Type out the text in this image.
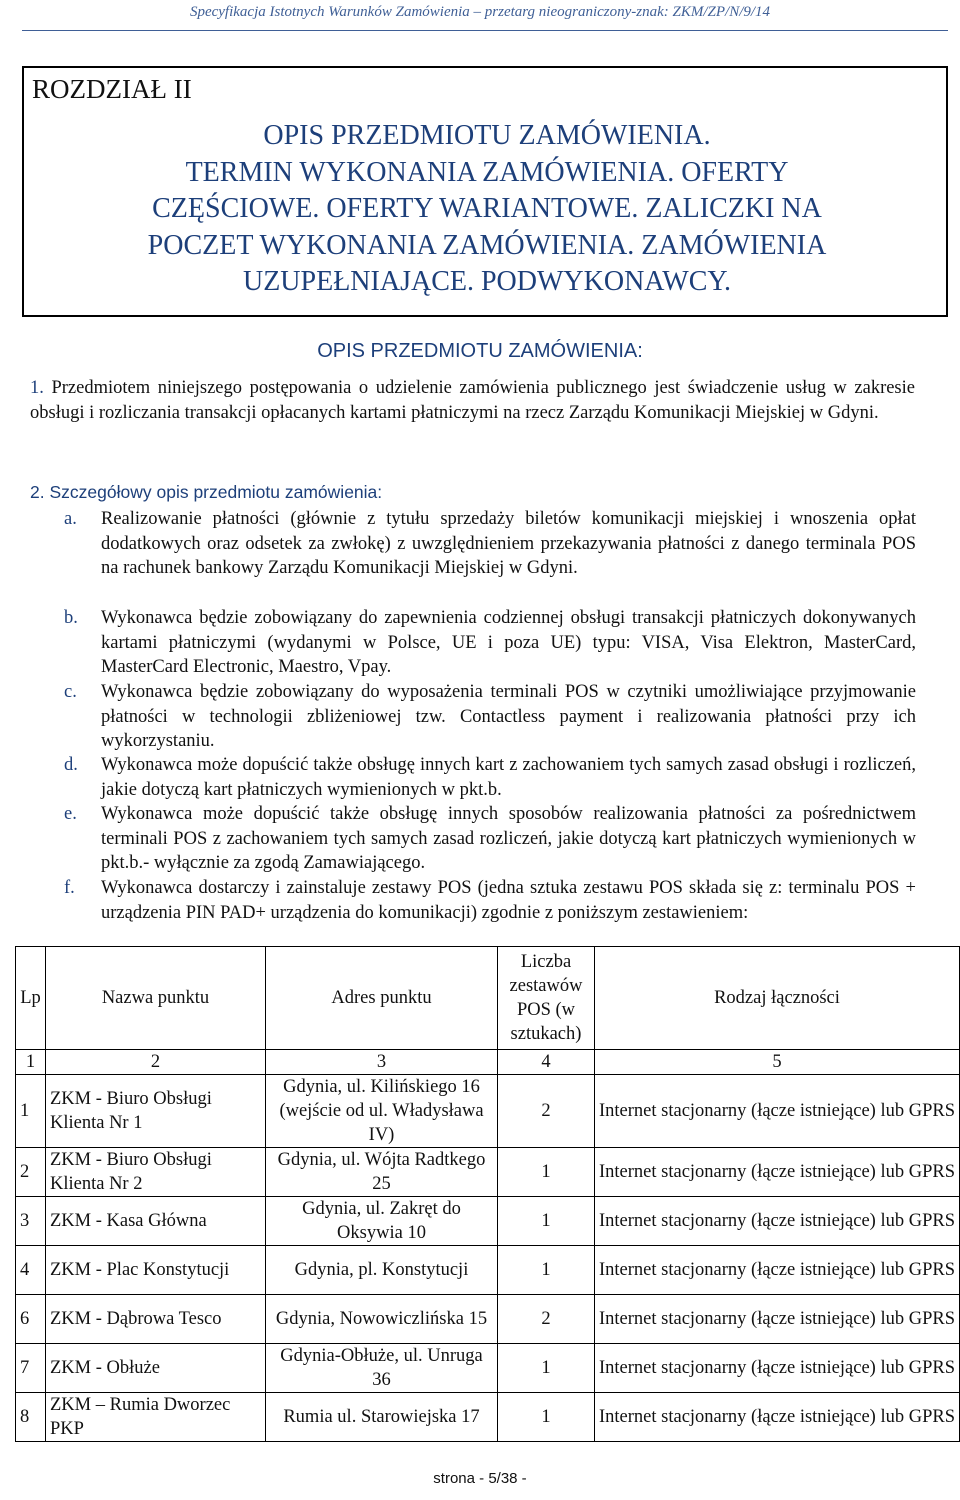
Specyfikacja Istotnych Warunków Zamówienia – przetarg nieograniczony-znak: ZKM/ZP/N/9/14
ROZDZIAŁ II
OPIS PRZEDMIOTU ZAMÓWIENIA.
TERMIN WYKONANIA ZAMÓWIENIA. OFERTY
CZĘŚCIOWE. OFERTY WARIANTOWE. ZALICZKI NA
POCZET WYKONANIA ZAMÓWIENIA. ZAMÓWIENIA
UZUPEŁNIAJĄCE. PODWYKONAWCY.
OPIS PRZEDMIOTU ZAMÓWIENIA:
1. Przedmiotem niniejszego postępowania o udzielenie zamówienia publicznego jest świadczenie usług w zakresie obsługi i rozliczania transakcji opłacanych kartami płatniczymi na rzecz Zarządu Komunikacji Miejskiej w Gdyni.
2. Szczegółowy opis przedmiotu zamówienia:
a. Realizowanie płatności (głównie z tytułu sprzedaży biletów komunikacji miejskiej i wnoszenia opłat dodatkowych oraz odsetek za zwłokę) z uwzględnieniem przekazywania płatności z danego terminala POS na rachunek bankowy Zarządu Komunikacji Miejskiej w Gdyni.
b. Wykonawca będzie zobowiązany do zapewnienia codziennej obsługi transakcji płatniczych dokonywanych kartami płatniczymi (wydanymi w Polsce, UE i poza UE) typu: VISA, Visa Elektron, MasterCard, MasterCard Electronic, Maestro, Vpay.
c. Wykonawca będzie zobowiązany do wyposażenia terminali POS w czytniki umożliwiające przyjmowanie płatności w technologii zbliżeniowej tzw. Contactless payment i realizowania płatności przy ich wykorzystaniu.
d. Wykonawca może dopuścić także obsługę innych kart z zachowaniem tych samych zasad obsługi i rozliczeń, jakie dotyczą kart płatniczych wymienionych w pkt.b.
e. Wykonawca może dopuścić także obsługę innych sposobów realizowania płatności za pośrednictwem terminali POS z zachowaniem tych samych zasad rozliczeń, jakie dotyczą kart płatniczych wymienionych w pkt.b.- wyłącznie za zgodą Zamawiającego.
f. Wykonawca dostarczy i zainstaluje zestawy POS (jedna sztuka zestawu POS składa się z: terminalu POS + urządzenia PIN PAD+ urządzenia do komunikacji) zgodnie z poniższym zestawieniem:
Lp	Nazwa punktu	Adres punktu	Liczba zestawów POS (w sztukach)	Rodzaj łączności
1	2	3	4	5
1	ZKM - Biuro Obsługi Klienta Nr 1	Gdynia, ul. Kilińskiego 16 (wejście od ul. Władysława IV)	2	Internet stacjonarny (łącze istniejące) lub GPRS
2	ZKM - Biuro Obsługi Klienta Nr 2	Gdynia, ul. Wójta Radtkego 25	1	Internet stacjonarny (łącze istniejące) lub GPRS
3	ZKM - Kasa Główna	Gdynia, ul. Zakręt do Oksywia 10	1	Internet stacjonarny (łącze istniejące) lub GPRS
4	ZKM - Plac Konstytucji	Gdynia, pl. Konstytucji	1	Internet stacjonarny (łącze istniejące) lub GPRS
6	ZKM - Dąbrowa Tesco	Gdynia, Nowowiczlińska 15	2	Internet stacjonarny (łącze istniejące) lub GPRS
7	ZKM - Obłuże	Gdynia-Obłuże, ul. Unruga 36	1	Internet stacjonarny (łącze istniejące) lub GPRS
8	ZKM – Rumia Dworzec PKP	Rumia ul. Starowiejska 17	1	Internet stacjonarny (łącze istniejące) lub GPRS
strona - 5/38 -
